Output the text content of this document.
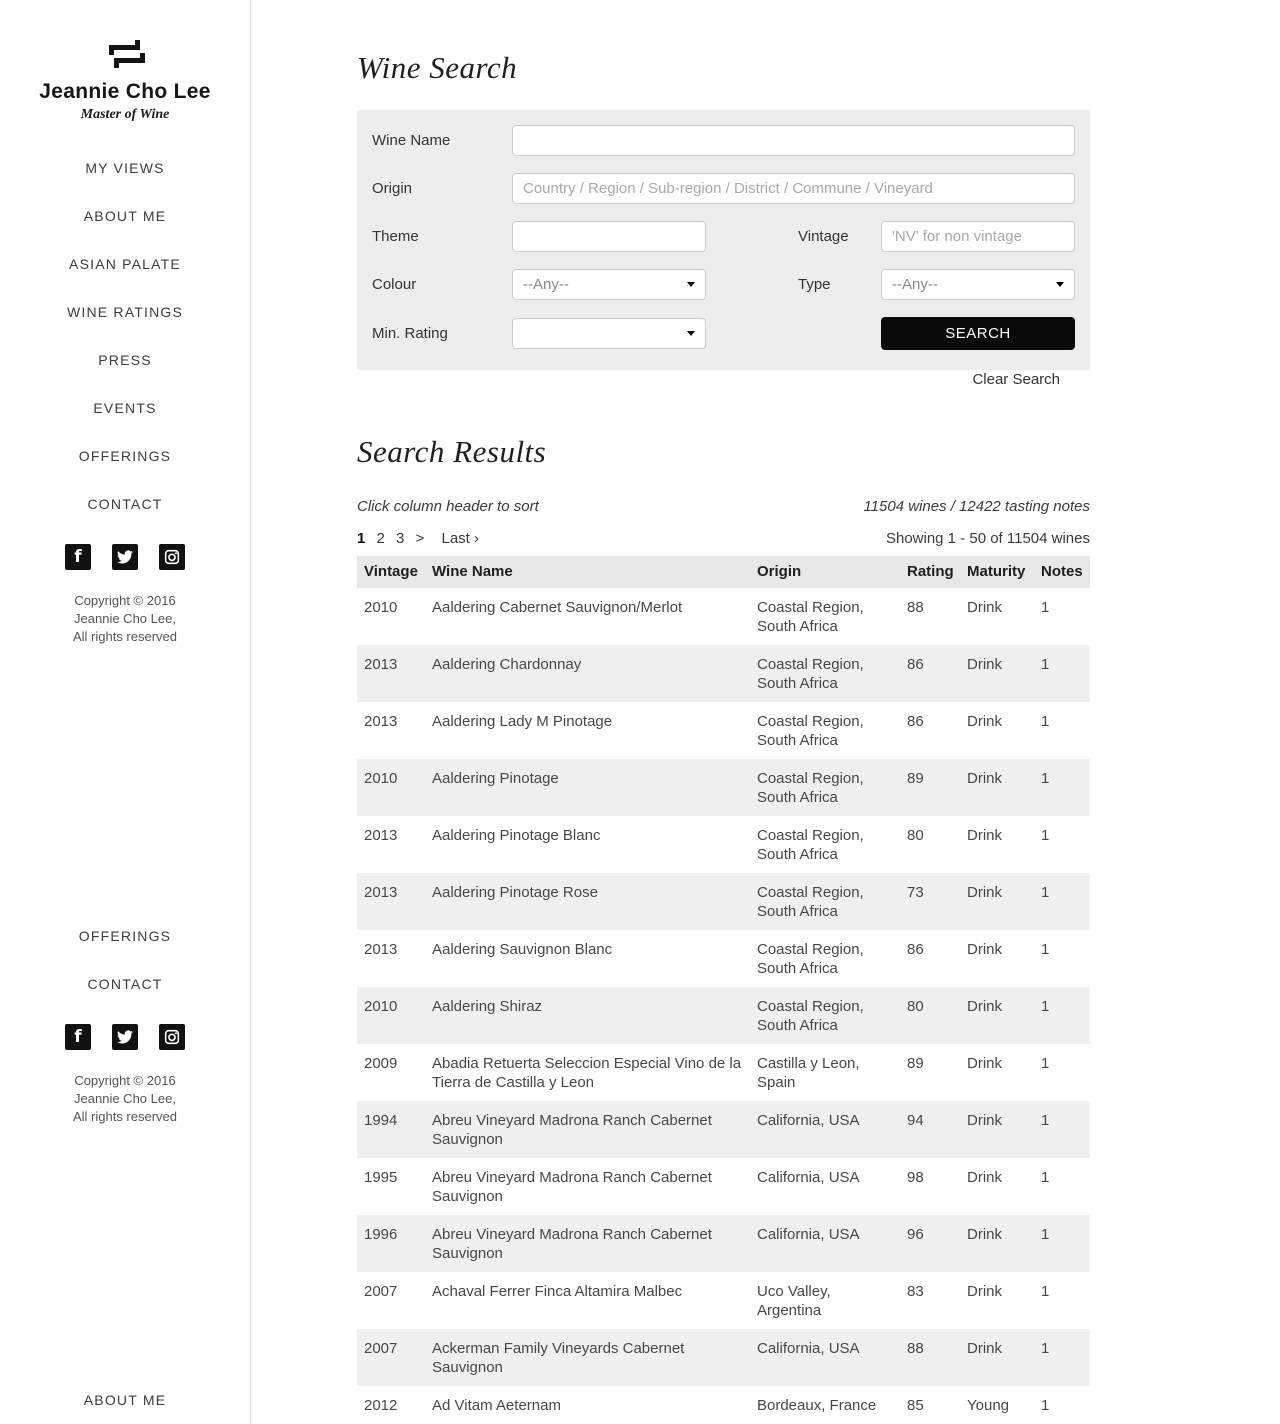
Jeannie Cho Lee
Master of Wine
MY VIEWS
ABOUT ME
ASIAN PALATE
WINE RATINGS
PRESS
EVENTS
OFFERINGS
CONTACT
f
Copyright © 2016
Jeannie Cho Lee,
All rights reserved
OFFERINGS
CONTACT
f
Copyright © 2016
Jeannie Cho Lee,
All rights reserved
ABOUT ME
Wine Search
Wine Name
Origin
Country / Region / Sub-region / District / Commune / Vineyard
Theme	Vintage
'NV' for non vintage
Colour	--Any--	Type	--Any--
Min. Rating	SEARCH
Clear Search
Search Results
Click column header to sort	11504 wines / 12422 tasting notes
1 2 3 > Last ›	Showing 1 - 50 of 11504 wines
Vintage	Wine Name	Origin	Rating	Maturity	Notes
2010	Aaldering Cabernet Sauvignon/Merlot	Coastal Region, South Africa	88	Drink	1
2013	Aaldering Chardonnay	Coastal Region, South Africa	86	Drink	1
2013	Aaldering Lady M Pinotage	Coastal Region, South Africa	86	Drink	1
2010	Aaldering Pinotage	Coastal Region, South Africa	89	Drink	1
2013	Aaldering Pinotage Blanc	Coastal Region, South Africa	80	Drink	1
2013	Aaldering Pinotage Rose	Coastal Region, South Africa	73	Drink	1
2013	Aaldering Sauvignon Blanc	Coastal Region, South Africa	86	Drink	1
2010	Aaldering Shiraz	Coastal Region, South Africa	80	Drink	1
2009	Abadia Retuerta Seleccion Especial Vino de la Tierra de Castilla y Leon	Castilla y Leon, Spain	89	Drink	1
1994	Abreu Vineyard Madrona Ranch Cabernet Sauvignon	California, USA	94	Drink	1
1995	Abreu Vineyard Madrona Ranch Cabernet Sauvignon	California, USA	98	Drink	1
1996	Abreu Vineyard Madrona Ranch Cabernet Sauvignon	California, USA	96	Drink	1
2007	Achaval Ferrer Finca Altamira Malbec	Uco Valley, Argentina	83	Drink	1
2007	Ackerman Family Vineyards Cabernet Sauvignon	California, USA	88	Drink	1
2012	Ad Vitam Aeternam	Bordeaux, France	85	Young	1
